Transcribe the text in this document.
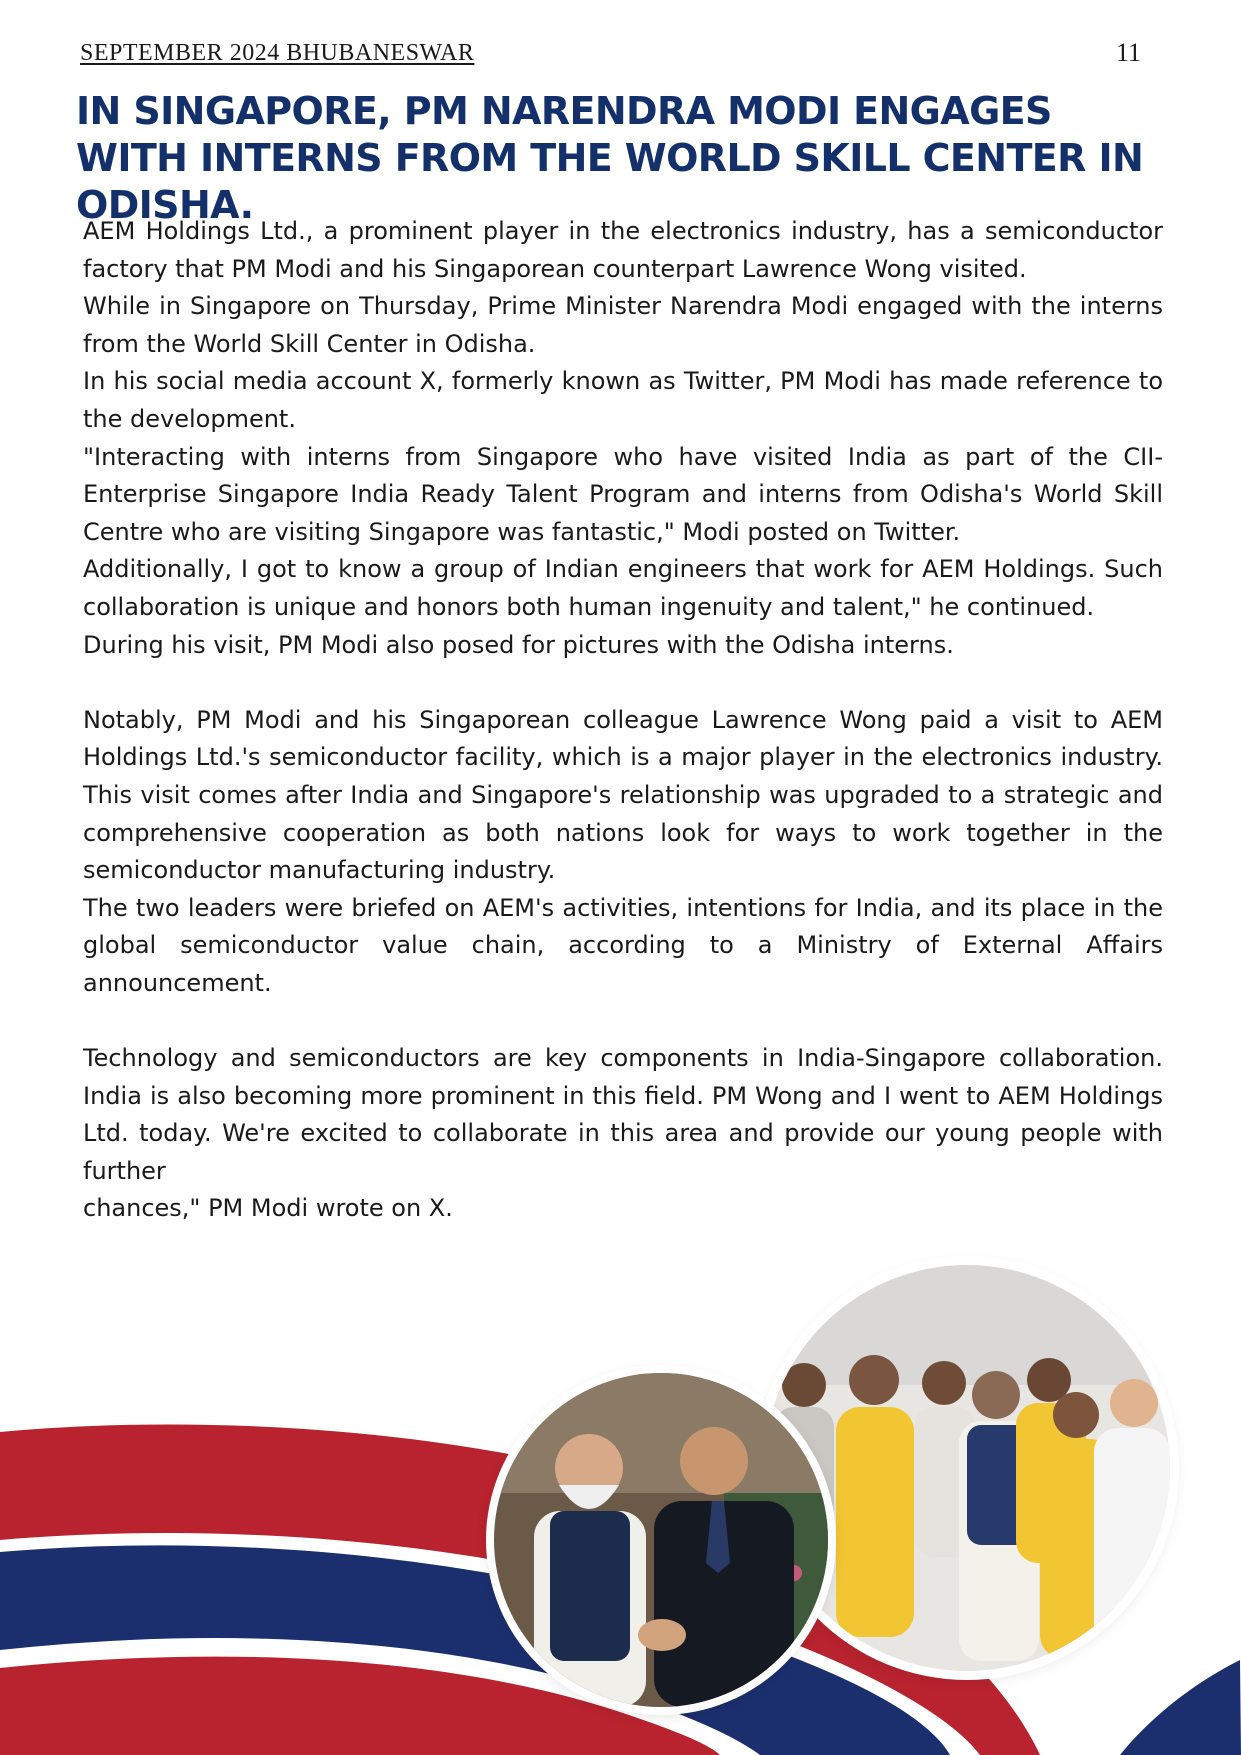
SEPTEMBER 2024 BHUBANESWAR	11
IN SINGAPORE, PM NARENDRA MODI ENGAGES WITH INTERNS FROM THE WORLD SKILL CENTER IN ODISHA.

AEM Holdings Ltd., a prominent player in the electronics industry, has a semiconductor factory that PM Modi and his Singaporean counterpart Lawrence Wong visited.

While in Singapore on Thursday, Prime Minister Narendra Modi engaged with the interns from the World Skill Center in Odisha.

In his social media account X, formerly known as Twitter, PM Modi has made reference to the development.

"Interacting with interns from Singapore who have visited India as part of the CII-Enterprise Singapore India Ready Talent Program and interns from Odisha's World Skill Centre who are visiting Singapore was fantastic," Modi posted on Twitter.

Additionally, I got to know a group of Indian engineers that work for AEM Holdings. Such collaboration is unique and honors both human ingenuity and talent," he continued.

During his visit, PM Modi also posed for pictures with the Odisha interns.

Notably, PM Modi and his Singaporean colleague Lawrence Wong paid a visit to AEM Holdings Ltd.'s semiconductor facility, which is a major player in the electronics industry. This visit comes after India and Singapore's relationship was upgraded to a strategic and comprehensive cooperation as both nations look for ways to work together in the semiconductor manufacturing industry.

The two leaders were briefed on AEM's activities, intentions for India, and its place in the global semiconductor value chain, according to a Ministry of External Affairs announcement.

Technology and semiconductors are key components in India-Singapore collaboration. India is also becoming more prominent in this field. PM Wong and I went to AEM Holdings Ltd. today. We're excited to collaborate in this area and provide our young people with further

chances," PM Modi wrote on X.
